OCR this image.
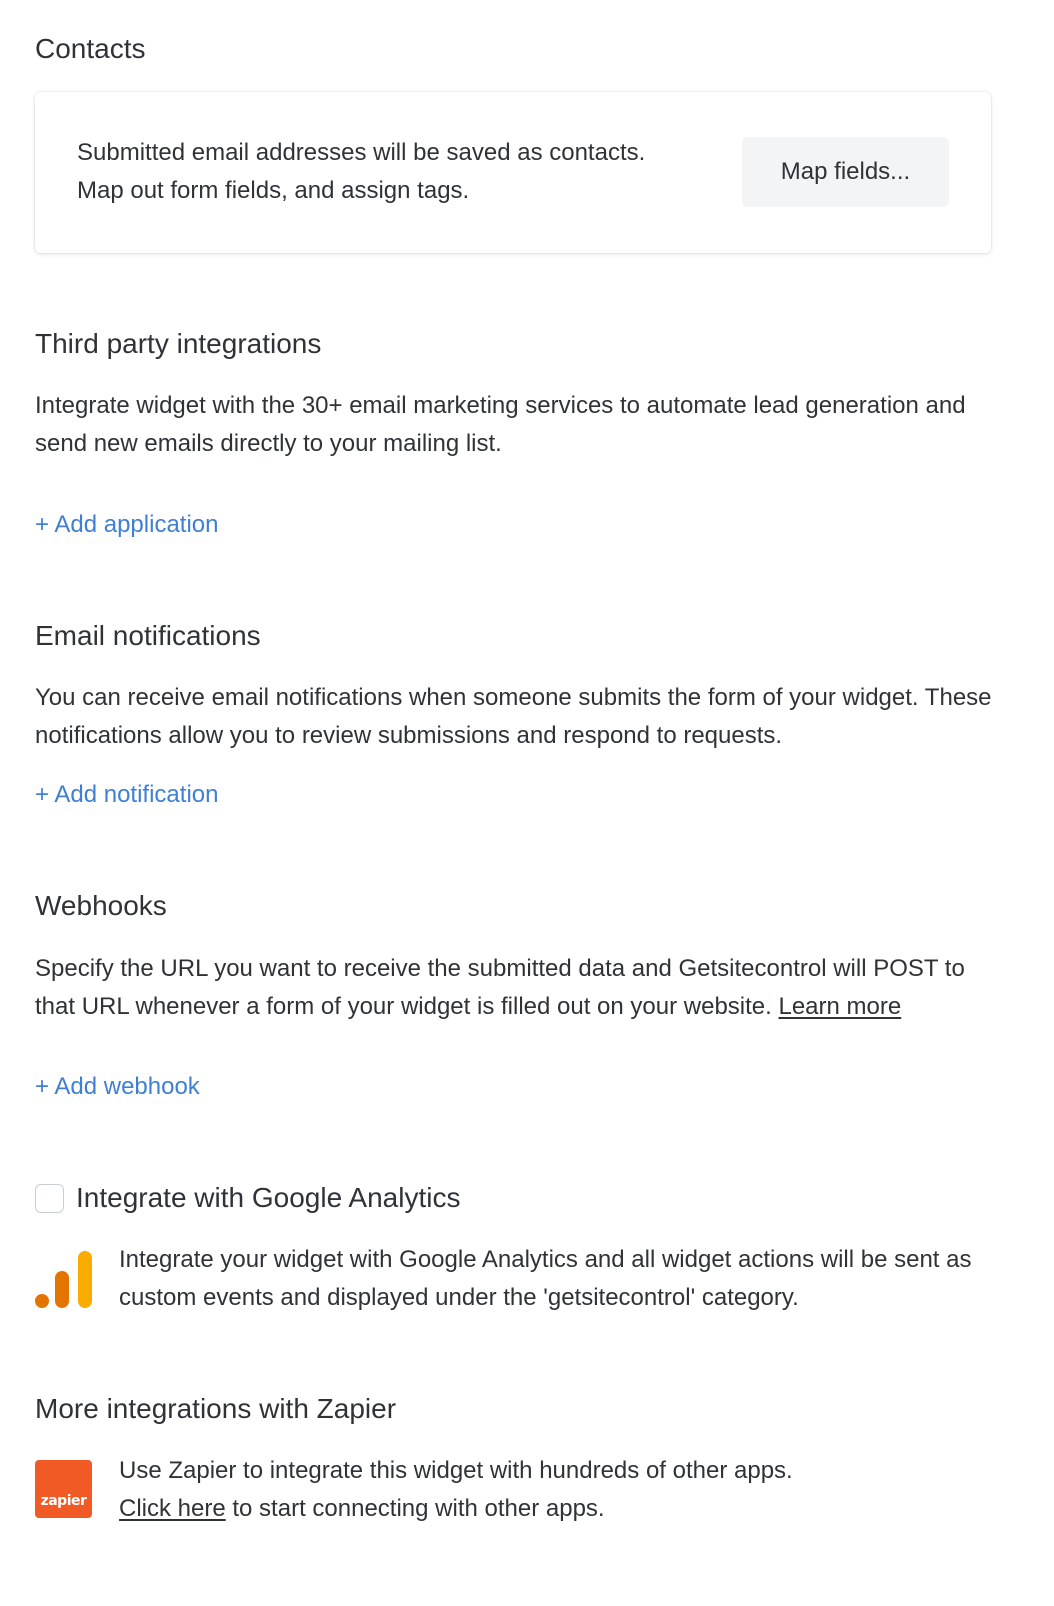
Contacts
Submitted email addresses will be saved as contacts.
Map out form fields, and assign tags.
Map fields...
Third party integrations
Integrate widget with the 30+ email marketing services to automate lead generation and send new emails directly to your mailing list.
+ Add application
Email notifications
You can receive email notifications when someone submits the form of your widget. These notifications allow you to review submissions and respond to requests.
+ Add notification
Webhooks
Specify the URL you want to receive the submitted data and Getsitecontrol will POST to that URL whenever a form of your widget is filled out on your website. Learn more
+ Add webhook
Integrate with Google Analytics
Integrate your widget with Google Analytics and all widget actions will be sent as custom events and displayed under the 'getsitecontrol' category.
More integrations with Zapier
zapier
Use Zapier to integrate this widget with hundreds of other apps.
Click here to start connecting with other apps.
